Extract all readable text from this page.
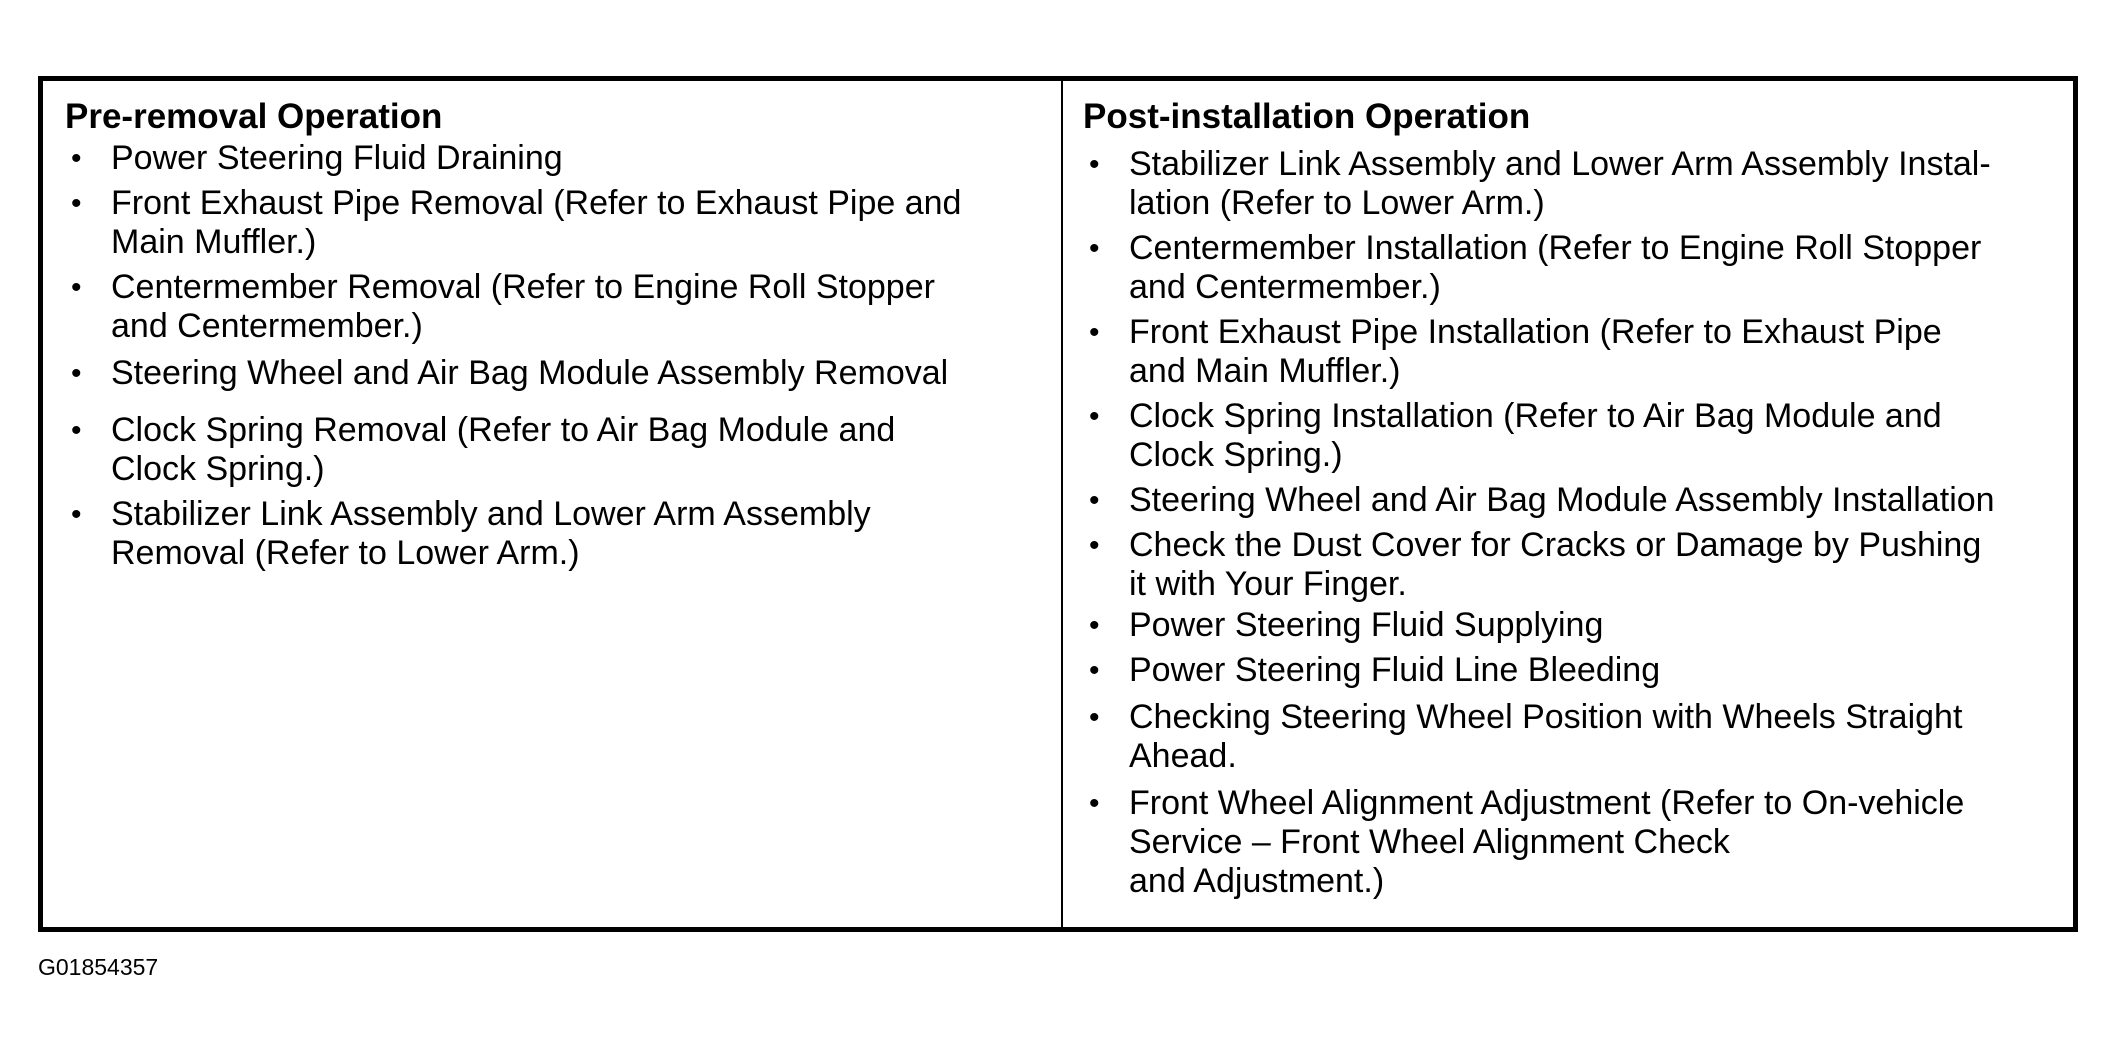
Pre-removal Operation
• Power Steering Fluid Draining
• Front Exhaust Pipe Removal (Refer to Exhaust Pipe and
Main Muffler.)
• Centermember Removal (Refer to Engine Roll Stopper
and Centermember.)
• Steering Wheel and Air Bag Module Assembly Removal
• Clock Spring Removal (Refer to Air Bag Module and
Clock Spring.)
• Stabilizer Link Assembly and Lower Arm Assembly
Removal (Refer to Lower Arm.)
Post-installation Operation
• Stabilizer Link Assembly and Lower Arm Assembly Instal-
lation (Refer to Lower Arm.)
• Centermember Installation (Refer to Engine Roll Stopper
and Centermember.)
• Front Exhaust Pipe Installation (Refer to Exhaust Pipe
and Main Muffler.)
• Clock Spring Installation (Refer to Air Bag Module and
Clock Spring.)
• Steering Wheel and Air Bag Module Assembly Installation
• Check the Dust Cover for Cracks or Damage by Pushing
it with Your Finger.
• Power Steering Fluid Supplying
• Power Steering Fluid Line Bleeding
• Checking Steering Wheel Position with Wheels Straight
Ahead.
• Front Wheel Alignment Adjustment (Refer to On-vehicle
Service – Front Wheel Alignment Check
and Adjustment.)
G01854357
